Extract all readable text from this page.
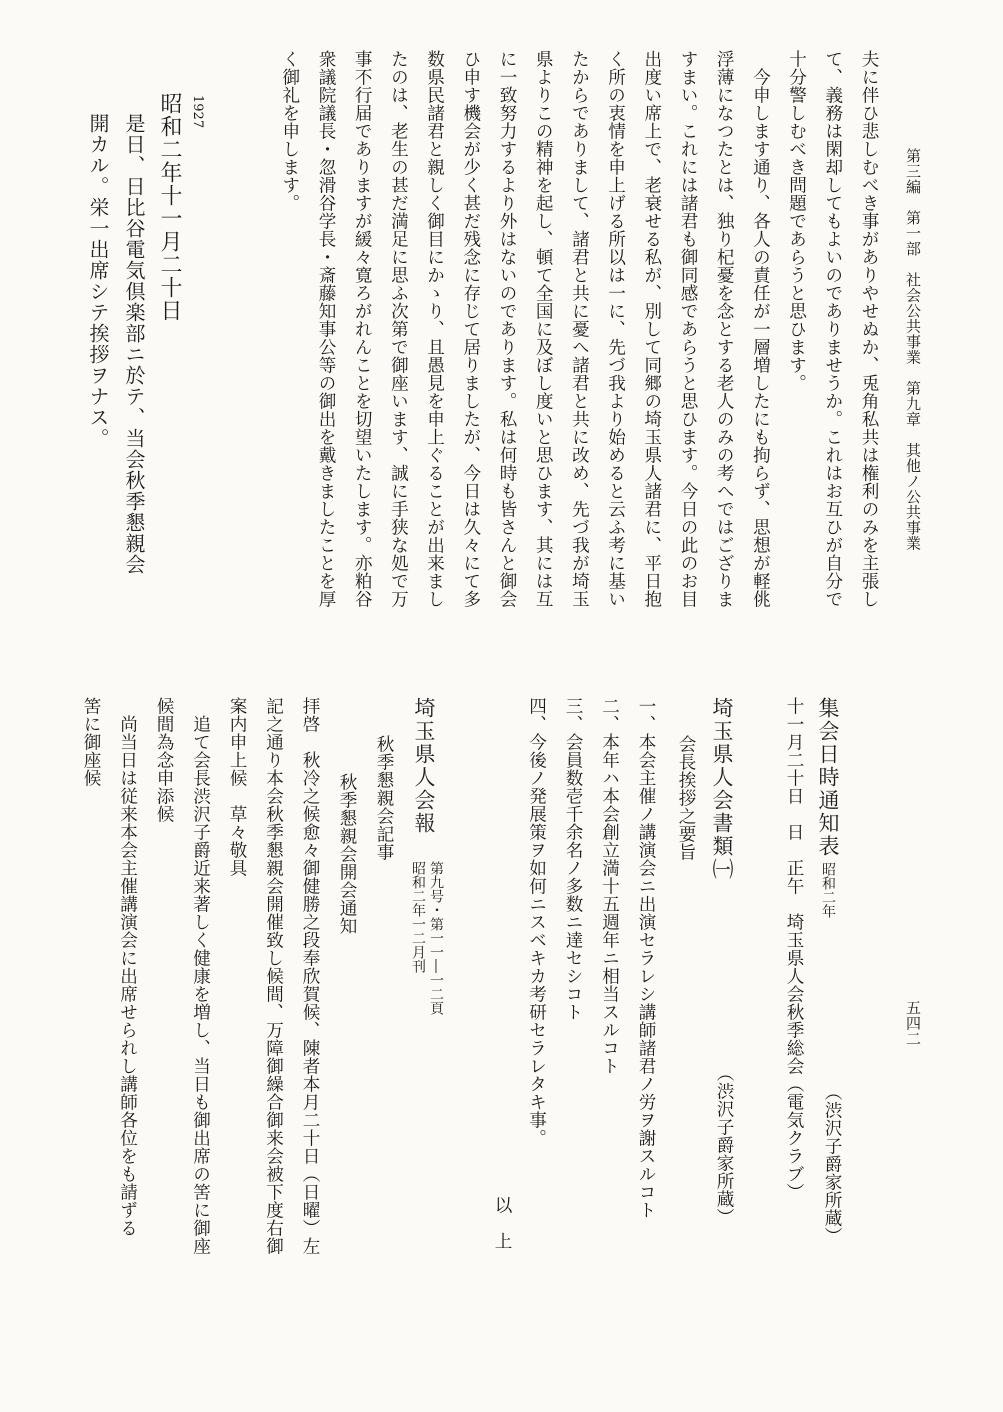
第三編　第一部　社会公共事業　第九章　其他ノ公共事業
五四二
夫に伴ひ悲しむべき事がありやせぬか、兎角私共は権利のみを主張し
て、義務は閑却してもよいのでありませうか。これはお互ひが自分で
十分警しむべき問題であらうと思ひます。
　今申します通り、各人の責任が一層増したにも拘らず、思想が軽佻
浮薄になつたとは、独り杞憂を念とする老人のみの考へではござりま
すまい。これには諸君も御同感であらうと思ひます。今日の此のお目
出度い席上で、老衰せる私が、別して同郷の埼玉県人諸君に、平日抱
く所の衷情を申上げる所以は一に、先づ我より始めると云ふ考に基い
たからでありまして、諸君と共に憂へ諸君と共に改め、先づ我が埼玉
県よりこの精神を起し、頓て全国に及ぼし度いと思ひます、其には互
に一致努力するより外はないのであります。私は何時も皆さんと御会
ひ申す機会が少く甚だ残念に存じて居りましたが、今日は久々にて多
数県民諸君と親しく御目にかゝり、且愚見を申上ぐることが出来まし
たのは、老生の甚だ満足に思ふ次第で御座います、誠に手狭な処で万
事不行届でありますが緩々寛ろがれんことを切望いたします。亦粕谷
衆議院議長・忽滑谷学長・斎藤知事公等の御出を戴きましたことを厚
く御礼を申します。
1927
昭和二年十一月二十日
是日、日比谷電気倶楽部ニ於テ、当会秋季懇親会
開カル。栄一出席シテ挨拶ヲナス。
集会日時通知表
昭和二年
（渋沢子爵家所蔵）
十一月二十日　日　正午　埼玉県人会秋季総会（電気クラブ）
埼玉県人会書類㈠
（渋沢子爵家所蔵）
会長挨拶之要旨
一、本会主催ノ講演会ニ出演セラレシ講師諸君ノ労ヲ謝スルコト
二、本年ハ本会創立満十五週年ニ相当スルコト
三、会員数壱千余名ノ多数ニ達セシコト
四、今後ノ発展策ヲ如何ニスベキカ考研セラレタキ事。
以　上
埼玉県人会報
第九号・第一一―一二頁
昭和二年一二月刊
秋季懇親会記事
秋季懇親会開会通知
拝啓　秋冷之候愈々御健勝之段奉欣賀候、陳者本月二十日（日曜）左
記之通り本会秋季懇親会開催致し候間、万障御繰合御来会被下度右御
案内申上候　草々敬具
　追て会長渋沢子爵近来著しく健康を増し、当日も御出席の筈に御座
候間為念申添候
　尚当日は従来本会主催講演会に出席せられし講師各位をも請ずる
筈に御座候
